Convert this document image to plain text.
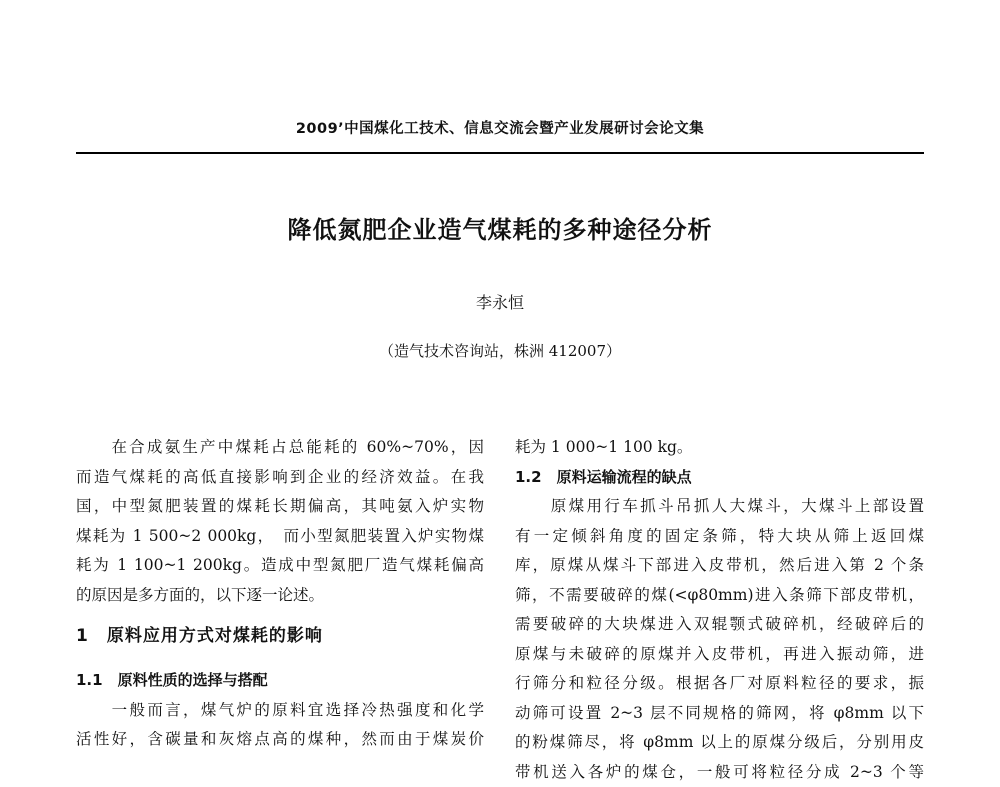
2009’中国煤化工技术、信息交流会暨产业发展研讨会论文集
降低氮肥企业造气煤耗的多种途径分析
李永恒
（造气技术咨询站，株洲 412007）
　　在合成氨生产中煤耗占总能耗的 60%~70%，因
而造气煤耗的高低直接影响到企业的经济效益。在我
国，中型氮肥装置的煤耗长期偏高，其吨氨入炉实物
煤耗为 1 500~2 000kg，　而小型氮肥装置入炉实物煤
耗为 1 100~1 200kg。造成中型氮肥厂造气煤耗偏高
的原因是多方面的，以下逐一论述。
1　原料应用方式对煤耗的影响
1.1　原料性质的选择与搭配
　　一般而言，煤气炉的原料宜选择冷热强度和化学
活性好，含碳量和灰熔点高的煤种，然而由于煤炭价
耗为 1 000~1 100 kg。
1.2　原料运输流程的缺点
　　原煤用行车抓斗吊抓人大煤斗，大煤斗上部设置
有一定倾斜角度的固定条筛，特大块从筛上返回煤
库，原煤从煤斗下部进入皮带机，然后进入第 2 个条
筛，不需要破碎的煤(<φ80mm)进入条筛下部皮带机，
需要破碎的大块煤进入双辊颚式破碎机，经破碎后的
原煤与未破碎的原煤并入皮带机，再进入振动筛，进
行筛分和粒径分级。根据各厂对原料粒径的要求，振
动筛可设置 2~3 层不同规格的筛网，将 φ8mm 以下
的粉煤筛尽，将 φ8mm 以上的原煤分级后，分别用皮
带机送入各炉的煤仓，一般可将粒径分成 2~3 个等
